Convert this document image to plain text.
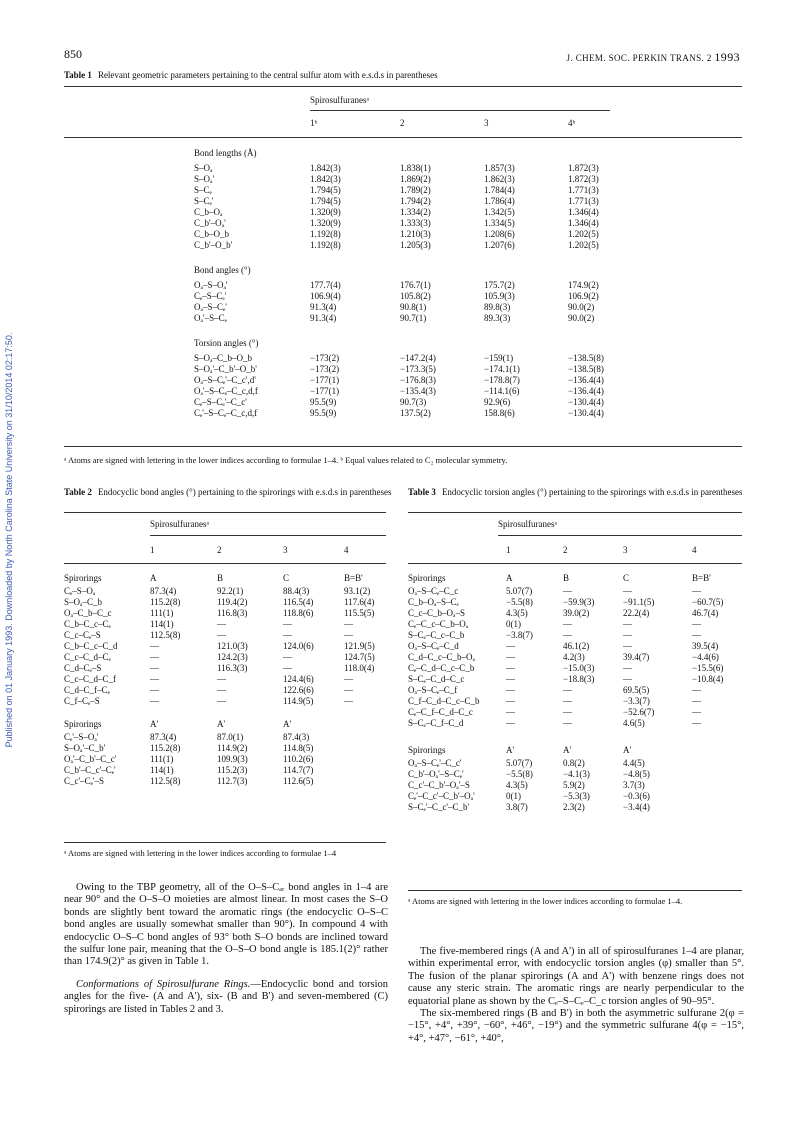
Published on 01 January 1993. Downloaded by North Carolina State University on 31/10/2014 02:17:50.
850	J. CHEM. SOC. PERKIN TRANS. 2 1993
Table 1 Relevant geometric parameters pertaining to the central sulfur atom with e.s.d.s in parentheses
Spirosulfuranesᵃ
1ᵇ	2	3	4ᵇ
Bond lengths (Å)
S–Oₐ	1.842(3)	1.838(1)	1.857(3)	1.872(3)
S–Oₐ'	1.842(3)	1.869(2)	1.862(3)	1.872(3)
S–Cₑ	1.794(5)	1.789(2)	1.784(4)	1.771(3)
S–Cₑ'	1.794(5)	1.794(2)	1.786(4)	1.771(3)
C_b–Oₐ	1.320(9)	1.334(2)	1.342(5)	1.346(4)
C_b'–Oₐ'	1.320(9)	1.333(3)	1.334(5)	1.346(4)
C_b–O_b	1.192(8)	1.210(3)	1.208(6)	1.202(5)
C_b'–O_b'	1.192(8)	1.205(3)	1.207(6)	1.202(5)
Bond angles (°)
Oₐ–S–Oₐ'	177.7(4)	176.7(1)	175.7(2)	174.9(2)
Cₑ–S–Cₑ'	106.9(4)	105.8(2)	105.9(3)	106.9(2)
Oₐ–S–Cₑ'	91.3(4)	90.8(1)	89.8(3)	90.0(2)
Oₐ'–S–Cₑ	91.3(4)	90.7(1)	89.3(3)	90.0(2)
Torsion angles (°)
S–Oₐ–C_b–O_b	−173(2)	−147.2(4)	−159(1)	−138.5(8)
S–Oₐ'–C_b'–O_b'	−173(2)	−173.3(5)	−174.1(1)	−138.5(8)
Oₐ–S–Cₑ'–C_c',d'	−177(1)	−176.8(3)	−178.8(7)	−136.4(4)
Oₐ'–S–Cₑ–C_c,d,f	−177(1)	−135.4(3)	−114.1(6)	−136.4(4)
Cₑ–S–Cₑ'–C_c'	95.5(9)	90.7(3)	92.9(6)	−130.4(4)
Cₑ'–S–Cₑ–C_c,d,f	95.5(9)	137.5(2)	158.8(6)	−130.4(4)
ᵃ Atoms are signed with lettering in the lower indices according to formulae 1–4. ᵇ Equal values related to C₂ molecular symmetry.
Table 2 Endocyclic bond angles (°) pertaining to the spirorings with e.s.d.s in parentheses
Spirosulfuranesᵃ
1	2	3	4
Spirorings	A	B	C	B=B'
Cₑ–S–Oₐ	87.3(4)	92.2(1)	88.4(3)	93.1(2)
S–Oₐ–C_b	115.2(8)	119.4(2)	116.5(4)	117.6(4)
Oₐ–C_b–C_c	111(1)	116.8(3)	118.8(6)	115.5(5)
C_b–C_c–Cₑ	114(1)	—	—	—
C_c–Cₑ–S	112.5(8)	—	—	—
C_b–C_c–C_d	—	121.0(3)	124.0(6)	121.9(5)
C_c–C_d–Cₑ	—	124.2(3)	—	124.7(5)
C_d–Cₑ–S	—	116.3(3)	—	118.0(4)
C_c–C_d–C_f	—	—	124.4(6)	—
C_d–C_f–Cₑ	—	—	122.6(6)	—
C_f–Cₑ–S	—	—	114.9(5)	—
Spirorings	A'	A'	A'
Cₑ'–S–Oₐ'	87.3(4)	87.0(1)	87.4(3)
S–Oₐ'–C_b'	115.2(8)	114.9(2)	114.8(5)
Oₐ'–C_b'–C_c'	111(1)	109.9(3)	110.2(6)
C_b'–C_c'–Cₑ'	114(1)	115.2(3)	114.7(7)
C_c'–Cₑ'–S	112.5(8)	112.7(3)	112.6(5)
ᵃ Atoms are signed with lettering in the lower indices according to formulae 1–4
Table 3 Endocyclic torsion angles (°) pertaining to the spirorings with e.s.d.s in parentheses
Spirosulfuranesᵃ
1	2	3	4
Spirorings	A	B	C	B=B'
Oₐ–S–Cₑ–C_c	5.07(7)	—	—	—
C_b–Oₐ–S–Cₑ	−5.5(8)	−59.9(3)	−91.1(5)	−60.7(5)
C_c–C_b–Oₐ–S	4.3(5)	39.0(2)	22.2(4)	46.7(4)
Cₑ–C_c–C_b–Oₐ	0(1)	—	—	—
S–Cₑ–C_c–C_b	−3.8(7)	—	—	—
Oₐ–S–Cₑ–C_d	—	46.1(2)	—	39.5(4)
C_d–C_c–C_b–Oₐ	—	4.2(3)	39.4(7)	−4.4(6)
Cₑ–C_d–C_c–C_b	—	−15.0(3)	—	−15.5(6)
S–Cₑ–C_d–C_c	—	−18.8(3)	—	−10.8(4)
Oₐ–S–Cₑ–C_f	—	—	69.5(5)	—
C_f–C_d–C_c–C_b	—	—	−3.3(7)	—
Cₑ–C_f–C_d–C_c	—	—	−52.6(7)	—
S–Cₑ–C_f–C_d	—	—	4.6(5)	—
Spirorings	A'	A'	A'
Oₐ–S–Cₑ'–C_c'	5.07(7)	0.8(2)	4.4(5)
C_b'–Oₐ'–S–Cₑ'	−5.5(8)	−4.1(3)	−4.8(5)
C_c'–C_b'–Oₐ'–S	4.3(5)	5.9(2)	3.7(3)
Cₑ'–C_c'–C_b'–Oₐ'	0(1)	−5.3(3)	−0.3(6)
S–Cₑ'–C_c'–C_b'	3.8(7)	2.3(2)	−3.4(4)
ᵃ Atoms are signed with lettering in the lower indices according to formulae 1–4.

Owing to the TBP geometry, all of the O–S–Cₐᵣ bond angles in 1–4 are near 90° and the O–S–O moieties are almost linear. In most cases the S–O bonds are slightly bent toward the aromatic rings (the endocyclic O–S–C bond angles are usually somewhat smaller than 90°). In compound 4 with endocyclic O–S–C bond angles of 93° both S–O bonds are inclined toward the sulfur lone pair, meaning that the O–S–O bond angle is 185.1(2)° rather than 174.9(2)° as given in Table 1.

Conformations of Spirosulfurane Rings.—Endocyclic bond and torsion angles for the five- (A and A'), six- (B and B') and seven-membered (C) spirorings are listed in Tables 2 and 3.

The five-membered rings (A and A') in all of spirosulfuranes 1–4 are planar, within experimental error, with endocyclic torsion angles (φ) smaller than 5°. The fusion of the planar spirorings (A and A') with benzene rings does not cause any steric strain. The aromatic rings are nearly perpendicular to the equatorial plane as shown by the Cₑ–S–Cₑ–C_c torsion angles of 90–95°.

The six-membered rings (B and B') in both the asymmetric sulfurane 2(φ = −15°, +4°, +39°, −60°, +46°, −19°) and the symmetric sulfurane 4(φ = −15°, +4°, +47°, −61°, +40°,
